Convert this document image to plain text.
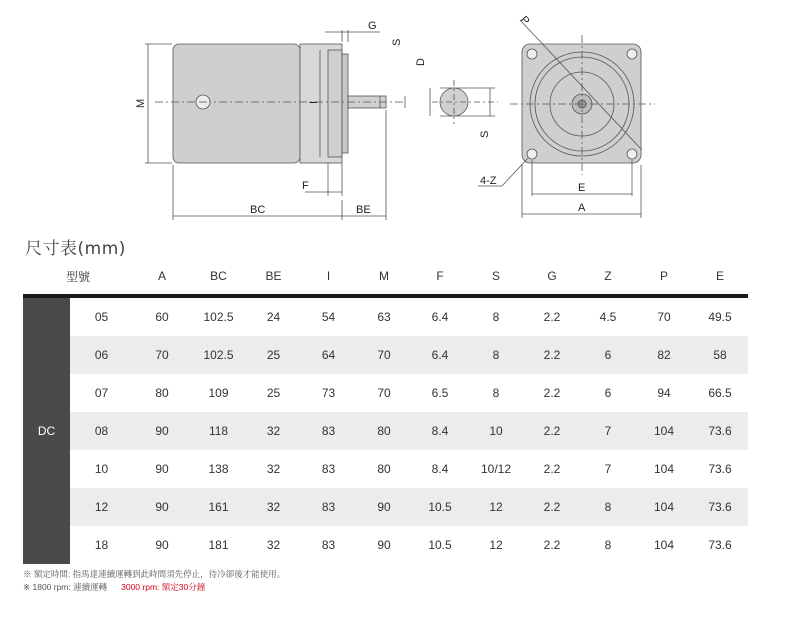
G
S
M	I
F
BC	BE
D
S
P
4-Z
E
A
尺寸表(mm)
型號		A	BC	BE	I	M	F	S	G	Z	P	E
DC	05	60	102.5	24	54	63	6.4	8	2.2	4.5	70	49.5
	06	70	102.5	25	64	70	6.4	8	2.2	6	82	58
	07	80	109	25	73	70	6.5	8	2.2	6	94	66.5
	08	90	118	32	83	80	8.4	10	2.2	7	104	73.6
	10	90	138	32	83	80	8.4	10/12	2.2	7	104	73.6
	12	90	161	32	83	90	10.5	12	2.2	8	104	73.6
	18	90	181	32	83	90	10.5	12	2.2	8	104	73.6
※ 額定時間: 指馬達連續運轉到此時間須先停止，待冷卻後才能使用。
※ 1800 rpm: 連續運轉 3000 rpm: 額定30分鐘
